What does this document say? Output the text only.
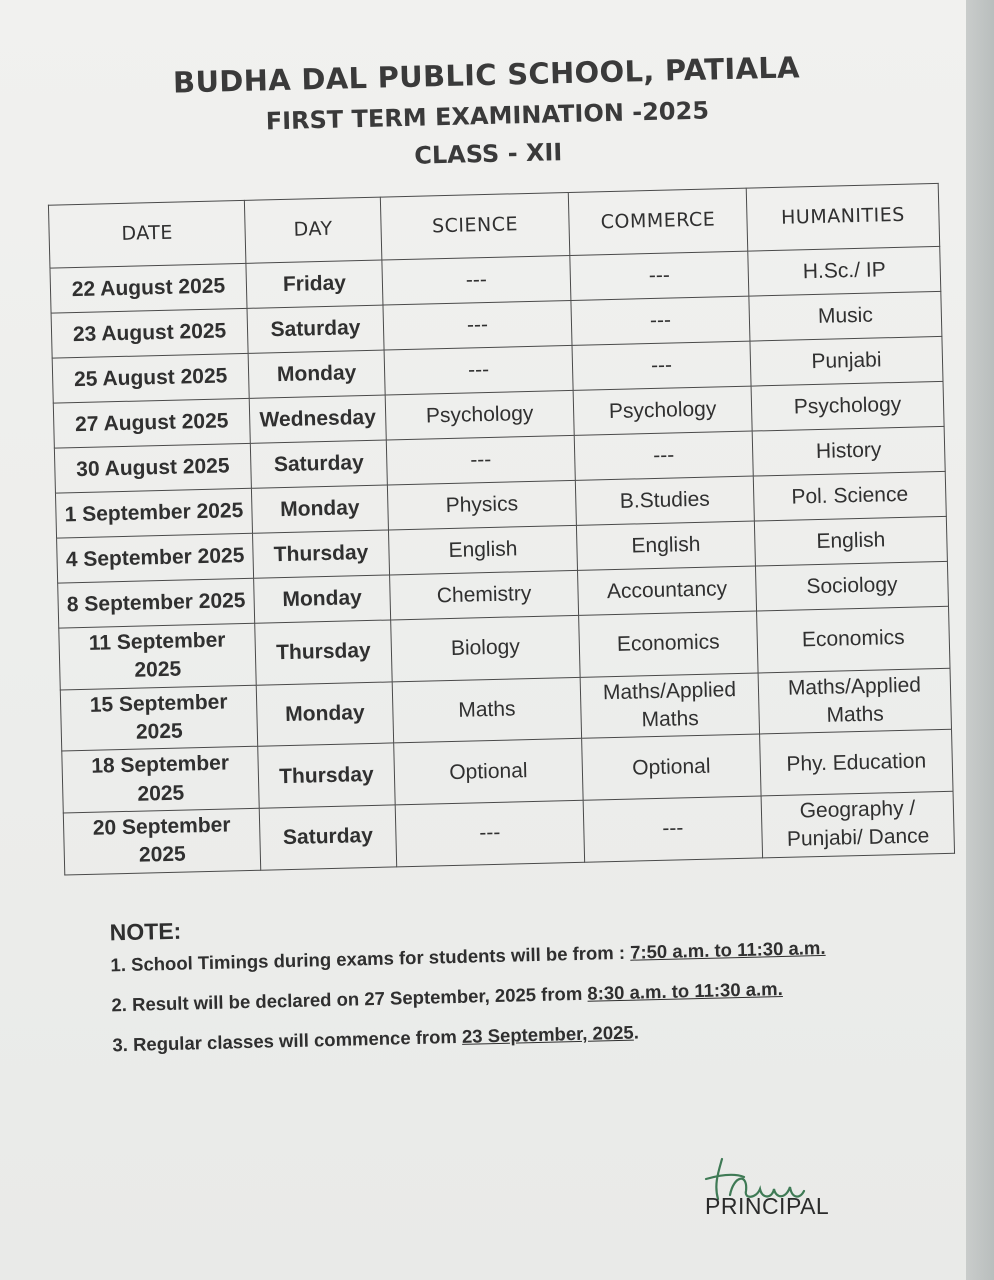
BUDHA DAL PUBLIC SCHOOL, PATIALA
FIRST TERM EXAMINATION -2025
CLASS - XII
DATE	DAY	SCIENCE	COMMERCE	HUMANITIES
22 August 2025	Friday	---	---	H.Sc./ IP
23 August 2025	Saturday	---	---	Music
25 August 2025	Monday	---	---	Punjabi
27 August 2025	Wednesday	Psychology	Psychology	Psychology
30 August 2025	Saturday	---	---	History
1 September 2025	Monday	Physics	B.Studies	Pol. Science
4 September 2025	Thursday	English	English	English
8 September 2025	Monday	Chemistry	Accountancy	Sociology
11 September 2025	Thursday	Biology	Economics	Economics
15 September 2025	Monday	Maths	Maths/Applied Maths	Maths/Applied Maths
18 September 2025	Thursday	Optional	Optional	Phy. Education
20 September 2025	Saturday	---	---	Geography / Punjabi/ Dance
NOTE:
1. School Timings during exams for students will be from : 7:50 a.m. to 11:30 a.m.
2. Result will be declared on 27 September, 2025 from 8:30 a.m. to 11:30 a.m.
3. Regular classes will commence from 23 September, 2025.
PRINCIPAL
